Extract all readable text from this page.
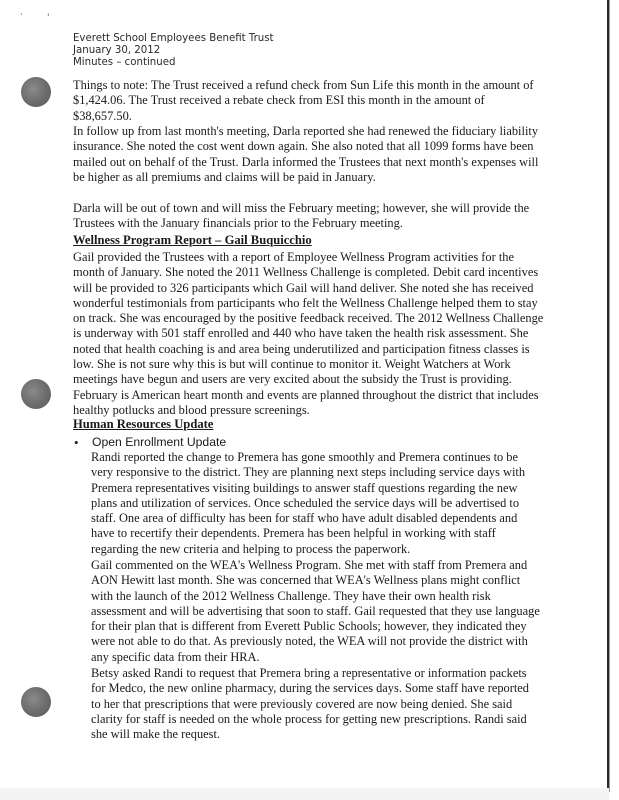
·	'
Everett School Employees Benefit Trust
January 30, 2012
Minutes – continued
Things to note: The Trust received a refund check from Sun Life this month in the amount of $1,424.06. The Trust received a rebate check from ESI this month in the amount of $38,657.50.
In follow up from last month's meeting, Darla reported she had renewed the fiduciary liability insurance. She noted the cost went down again. She also noted that all 1099 forms have been mailed out on behalf of the Trust. Darla informed the Trustees that next month's expenses will be higher as all premiums and claims will be paid in January.
Darla will be out of town and will miss the February meeting; however, she will provide the Trustees with the January financials prior to the February meeting.
Wellness Program Report – Gail Buquicchio
Gail provided the Trustees with a report of Employee Wellness Program activities for the month of January. She noted the 2011 Wellness Challenge is completed. Debit card incentives will be provided to 326 participants which Gail will hand deliver. She noted she has received wonderful testimonials from participants who felt the Wellness Challenge helped them to stay on track. She was encouraged by the positive feedback received. The 2012 Wellness Challenge is underway with 501 staff enrolled and 440 who have taken the health risk assessment. She noted that health coaching is and area being underutilized and participation fitness classes is low. She is not sure why this is but will continue to monitor it. Weight Watchers at Work meetings have begun and users are very excited about the subsidy the Trust is providing. February is American heart month and events are planned throughout the district that includes healthy potlucks and blood pressure screenings.
Human Resources Update
• Open Enrollment Update
Randi reported the change to Premera has gone smoothly and Premera continues to be very responsive to the district. They are planning next steps including service days with Premera representatives visiting buildings to answer staff questions regarding the new plans and utilization of services. Once scheduled the service days will be advertised to staff. One area of difficulty has been for staff who have adult disabled dependents and have to recertify their dependents. Premera has been helpful in working with staff regarding the new criteria and helping to process the paperwork.
Gail commented on the WEA's Wellness Program. She met with staff from Premera and AON Hewitt last month. She was concerned that WEA's Wellness plans might conflict with the launch of the 2012 Wellness Challenge. They have their own health risk assessment and will be advertising that soon to staff. Gail requested that they use language for their plan that is different from Everett Public Schools; however, they indicated they were not able to do that. As previously noted, the WEA will not provide the district with any specific data from their HRA.
Betsy asked Randi to request that Premera bring a representative or information packets for Medco, the new online pharmacy, during the services days. Some staff have reported to her that prescriptions that were previously covered are now being denied. She said clarity for staff is needed on the whole process for getting new prescriptions. Randi said she will make the request.
